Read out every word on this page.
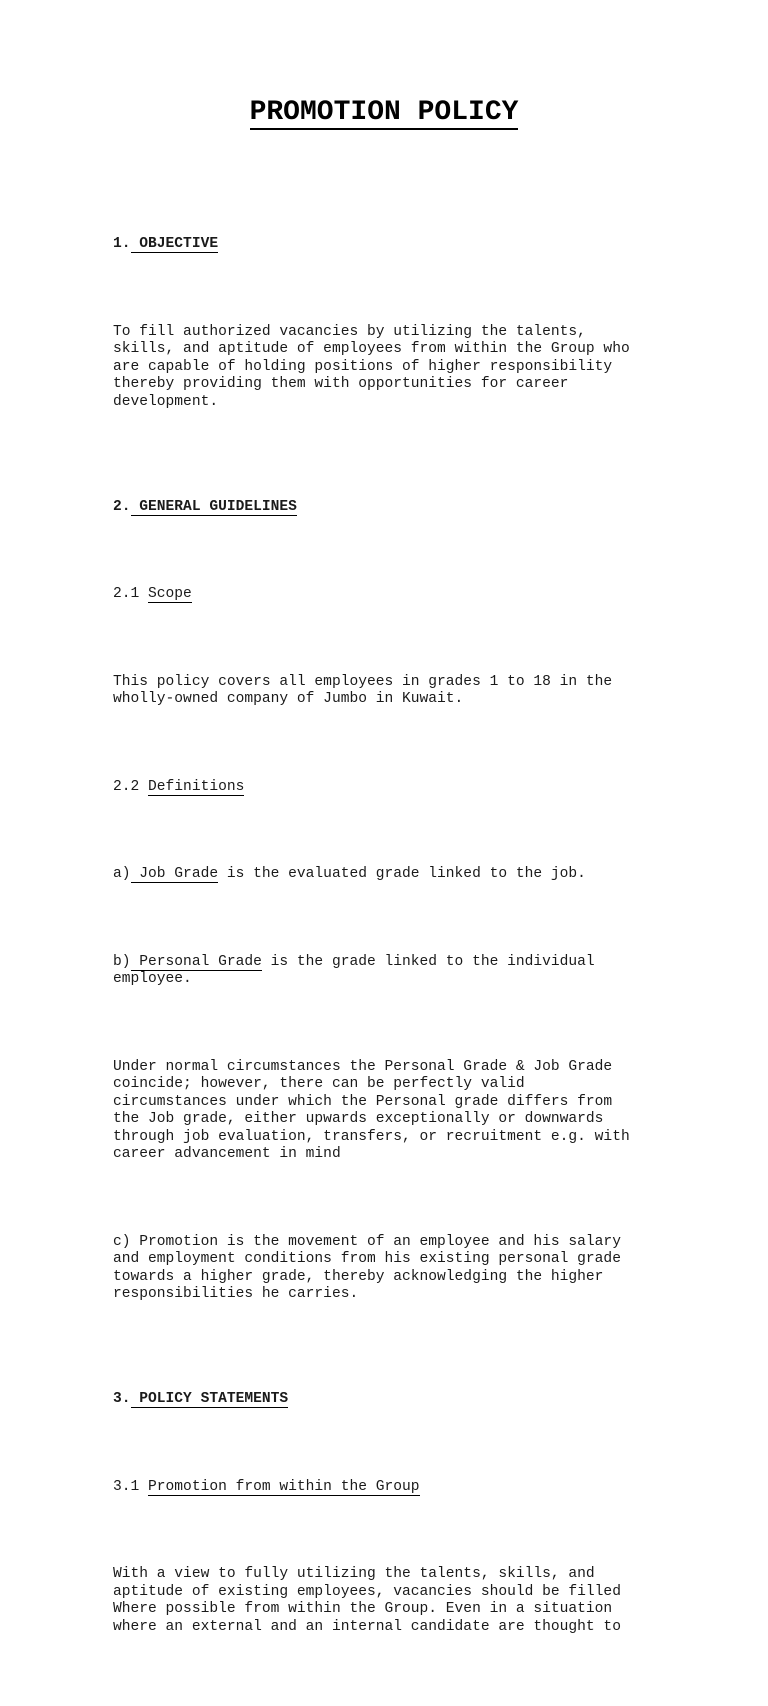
PROMOTION POLICY

1. OBJECTIVE

To fill authorized vacancies by utilizing the talents,
skills, and aptitude of employees from within the Group who
are capable of holding positions of higher responsibility
thereby providing them with opportunities for career
development.

2. GENERAL GUIDELINES

2.1 Scope

This policy covers all employees in grades 1 to 18 in the
wholly-owned company of Jumbo in Kuwait.

2.2 Definitions

a) Job Grade is the evaluated grade linked to the job.

b) Personal Grade is the grade linked to the individual
employee.

Under normal circumstances the Personal Grade & Job Grade
coincide; however, there can be perfectly valid
circumstances under which the Personal grade differs from
the Job grade, either upwards exceptionally or downwards
through job evaluation, transfers, or recruitment e.g. with
career advancement in mind

c) Promotion is the movement of an employee and his salary
and employment conditions from his existing personal grade
towards a higher grade, thereby acknowledging the higher
responsibilities he carries.

3. POLICY STATEMENTS

3.1 Promotion from within the Group

With a view to fully utilizing the talents, skills, and
aptitude of existing employees, vacancies should be filled
Where possible from within the Group. Even in a situation
where an external and an internal candidate are thought to
